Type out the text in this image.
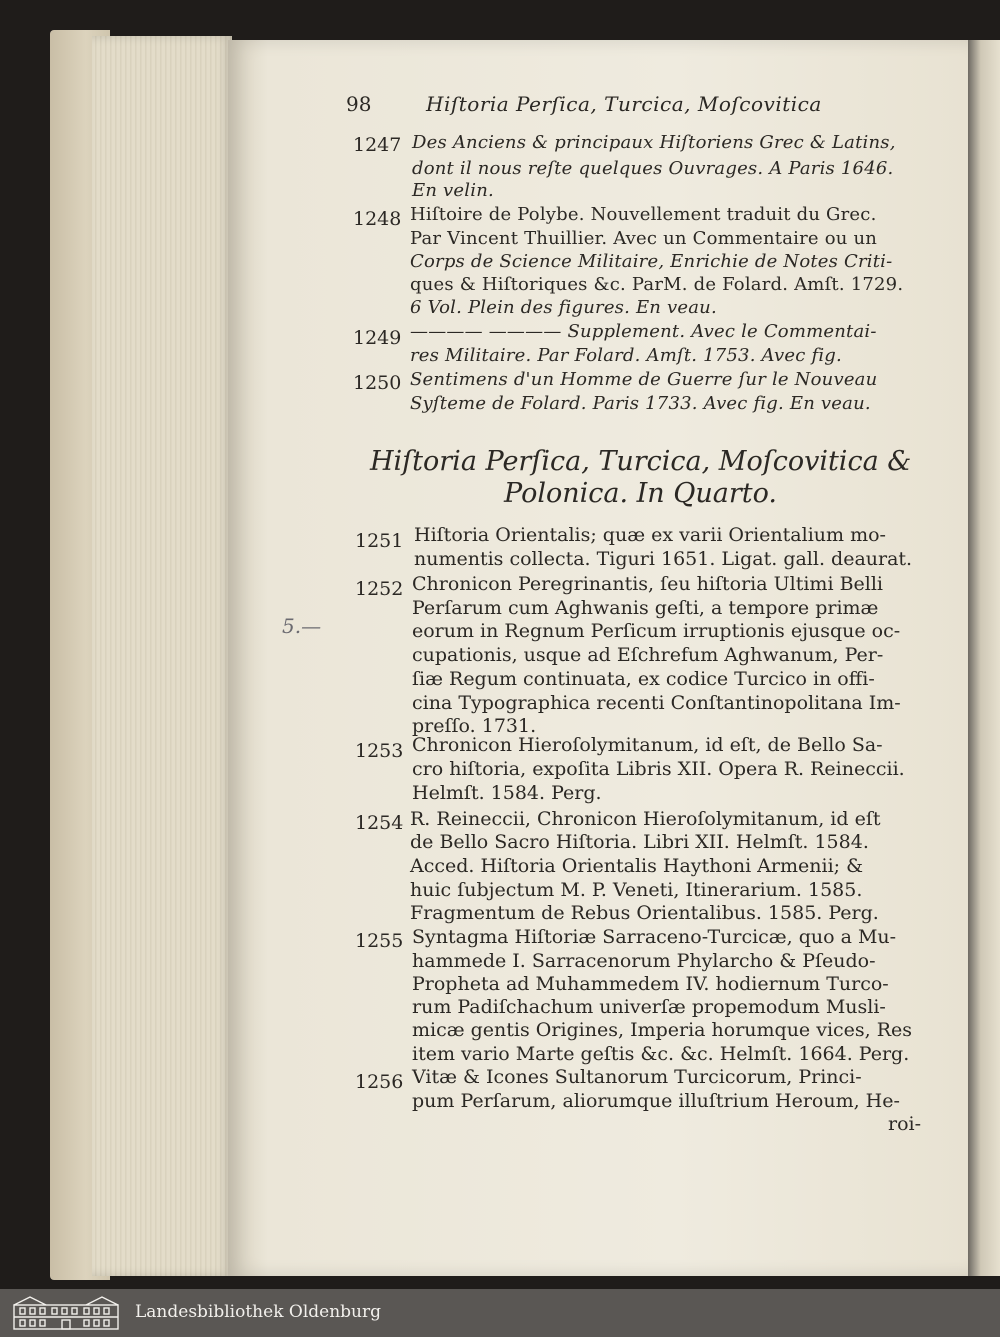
98	Hiſtoria Perſica, Turcica, Moſcovitica
1247 Des Anciens & principaux Hiſtoriens Grec & Latins,
dont il nous reſte quelques Ouvrages. A Paris 1646.
En velin.
1248 Hiſtoire de Polybe. Nouvellement traduit du Grec.
Par Vincent Thuillier. Avec un Commentaire ou un
Corps de Science Militaire, Enrichie de Notes Criti-
ques & Hiſtoriques &c. ParM. de Folard. Amſt. 1729.
6 Vol. Plein des figures. En veau.
1249 ———— ———— Supplement. Avec le Commentai-
res Militaire. Par Folard. Amſt. 1753. Avec fig.
1250 Sentimens d'un Homme de Guerre ſur le Nouveau
Syſteme de Folard. Paris 1733. Avec fig. En veau.
Hiſtoria Perſica, Turcica, Moſcovitica &
Polonica. In Quarto.
5.—
1251 Hiſtoria Orientalis; quæ ex varii Orientalium mo-
numentis collecta. Tiguri 1651. Ligat. gall. deaurat.
1252 Chronicon Peregrinantis, ſeu hiſtoria Ultimi Belli
Perſarum cum Aghwanis geſti, a tempore primæ
eorum in Regnum Perſicum irruptionis ejusque oc-
cupationis, usque ad Eſchrefum Aghwanum, Per-
ſiæ Regum continuata, ex codice Turcico in offi-
cina Typographica recenti Conſtantinopolitana Im-
preſſo. 1731.
1253 Chronicon Hieroſolymitanum, id eſt, de Bello Sa-
cro hiſtoria, expoſita Libris XII. Opera R. Reineccii.
Helmſt. 1584. Perg.
1254 R. Reineccii, Chronicon Hieroſolymitanum, id eſt
de Bello Sacro Hiſtoria. Libri XII. Helmſt. 1584.
Acced. Hiſtoria Orientalis Haythoni Armenii; &
huic ſubjectum M. P. Veneti, Itinerarium. 1585.
Fragmentum de Rebus Orientalibus. 1585. Perg.
1255 Syntagma Hiſtoriæ Sarraceno-Turcicæ, quo a Mu-
hammede I. Sarracenorum Phylarcho & Pſeudo-
Propheta ad Muhammedem IV. hodiernum Turco-
rum Padiſchachum univerſæ propemodum Musli-
micæ gentis Origines, Imperia horumque vices, Res
item vario Marte geſtis &c. &c. Helmſt. 1664. Perg.
1256 Vitæ & Icones Sultanorum Turcicorum, Princi-
pum Perſarum, aliorumque illuſtrium Heroum, He-
roi-
Landesbibliothek Oldenburg
